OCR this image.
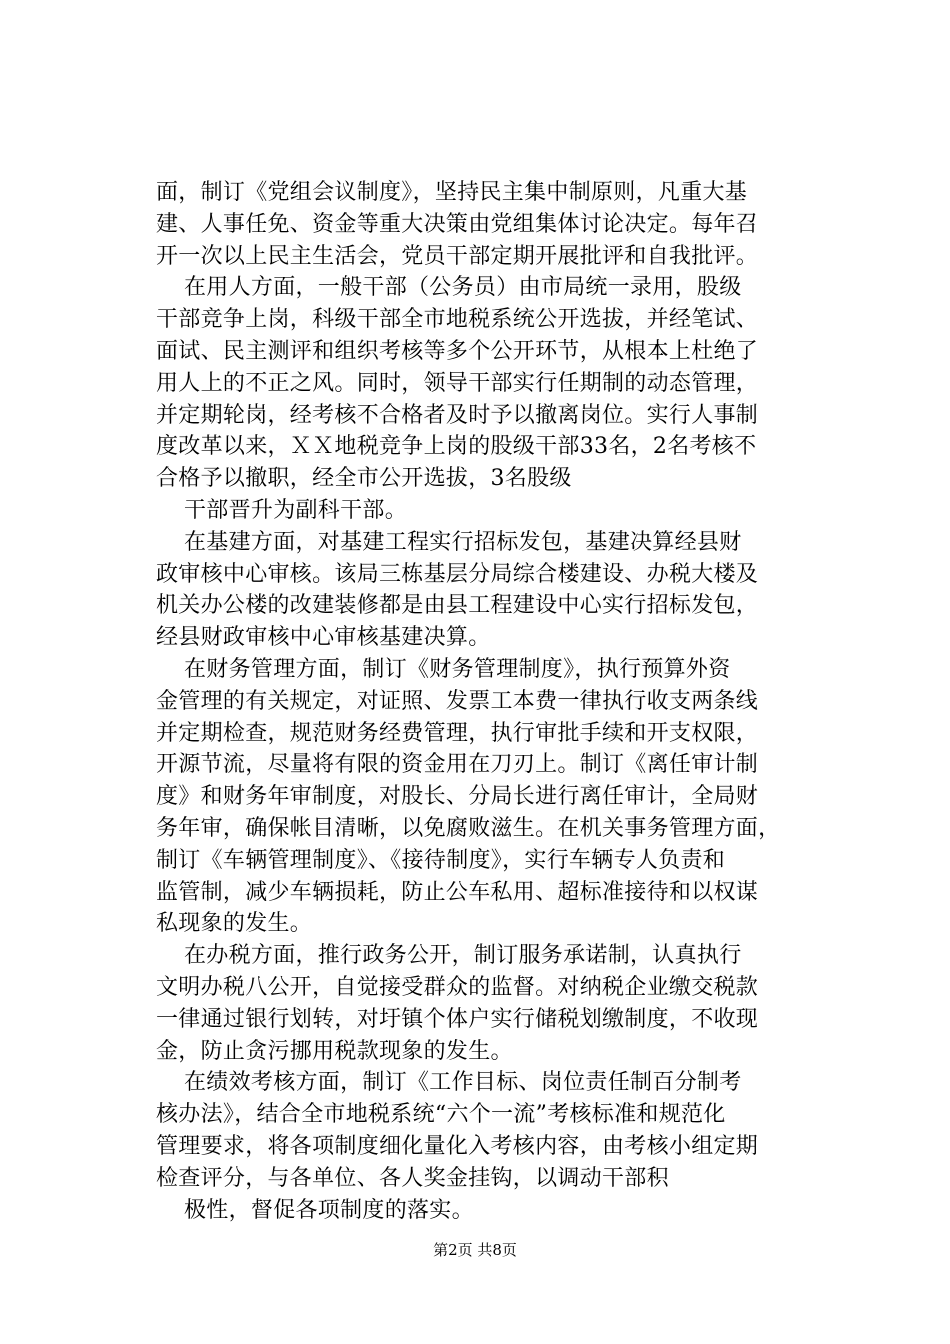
面，制订《党组会议制度》，坚持民主集中制原则，凡重大基
建、人事任免、资金等重大决策由党组集体讨论决定。每年召
开一次以上民主生活会，党员干部定期开展批评和自我批评。
在用人方面，一般干部（公务员）由市局统一录用，股级
干部竞争上岗，科级干部全市地税系统公开选拔，并经笔试、
面试、民主测评和组织考核等多个公开环节，从根本上杜绝了
用人上的不正之风。同时，领导干部实行任期制的动态管理，
并定期轮岗，经考核不合格者及时予以撤离岗位。实行人事制
度改革以来，ＸＸ地税竞争上岗的股级干部33名，2名考核不
合格予以撤职，经全市公开选拔，3名股级
干部晋升为副科干部。
在基建方面，对基建工程实行招标发包，基建决算经县财
政审核中心审核。该局三栋基层分局综合楼建设、办税大楼及
机关办公楼的改建装修都是由县工程建设中心实行招标发包，
经县财政审核中心审核基建决算。
在财务管理方面，制订《财务管理制度》，执行预算外资
金管理的有关规定，对证照、发票工本费一律执行收支两条线
并定期检查，规范财务经费管理，执行审批手续和开支权限，
开源节流，尽量将有限的资金用在刀刃上。制订《离任审计制
度》和财务年审制度，对股长、分局长进行离任审计，全局财
务年审，确保帐目清晰，以免腐败滋生。在机关事务管理方面，
制订《车辆管理制度》、《接待制度》，实行车辆专人负责和
监管制，减少车辆损耗，防止公车私用、超标准接待和以权谋
私现象的发生。
在办税方面，推行政务公开，制订服务承诺制，认真执行
文明办税八公开，自觉接受群众的监督。对纳税企业缴交税款
一律通过银行划转，对圩镇个体户实行储税划缴制度，不收现
金，防止贪污挪用税款现象的发生。
在绩效考核方面，制订《工作目标、岗位责任制百分制考
核办法》，结合全市地税系统“六个一流”考核标准和规范化
管理要求，将各项制度细化量化入考核内容，由考核小组定期
检查评分，与各单位、各人奖金挂钩，以调动干部积
极性，督促各项制度的落实。
第2页 共8页
